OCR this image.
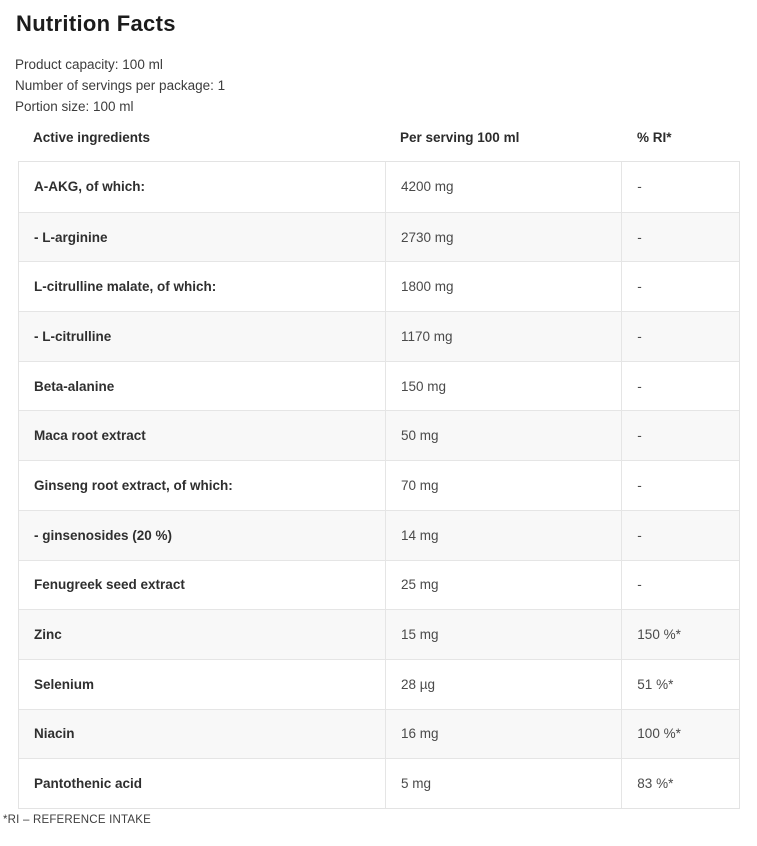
Nutrition Facts
Product capacity: 100 ml
Number of servings per package: 1
Portion size: 100 ml
Active ingredients	Per serving 100 ml	% RI*
A-AKG, of which:	4200 mg	-
- L-arginine	2730 mg	-
L-citrulline malate, of which:	1800 mg	-
- L-citrulline	1170 mg	-
Beta-alanine	150 mg	-
Maca root extract	50 mg	-
Ginseng root extract, of which:	70 mg	-
- ginsenosides (20 %)	14 mg	-
Fenugreek seed extract	25 mg	-
Zinc	15 mg	150 %*
Selenium	28 µg	51 %*
Niacin	16 mg	100 %*
Pantothenic acid	5 mg	83 %*
*RI – REFERENCE INTAKE
